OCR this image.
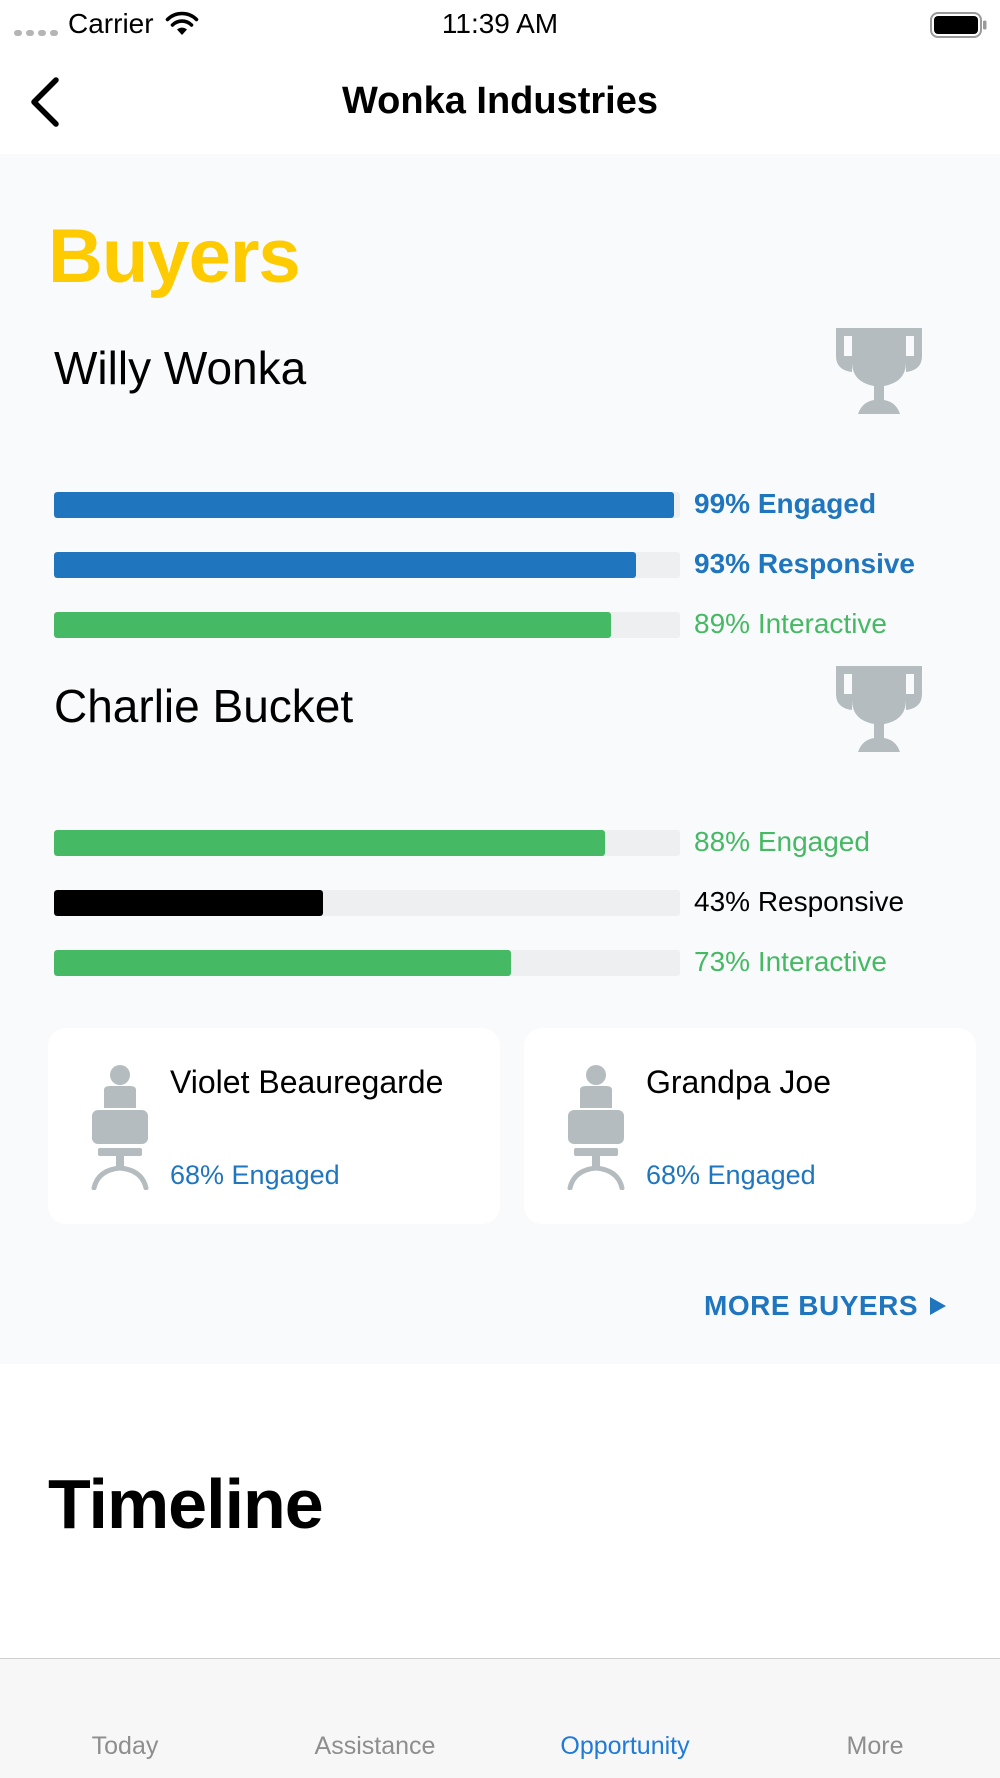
Carrier	11:39 AM
Wonka Industries
Buyers
Willy Wonka
99% Engaged
93% Responsive
89% Interactive
Charlie Bucket
88% Engaged
43% Responsive
73% Interactive
Violet Beauregarde
68% Engaged
Grandpa Joe
68% Engaged
MORE BUYERS
Timeline
Today	Assistance	Opportunity	More
